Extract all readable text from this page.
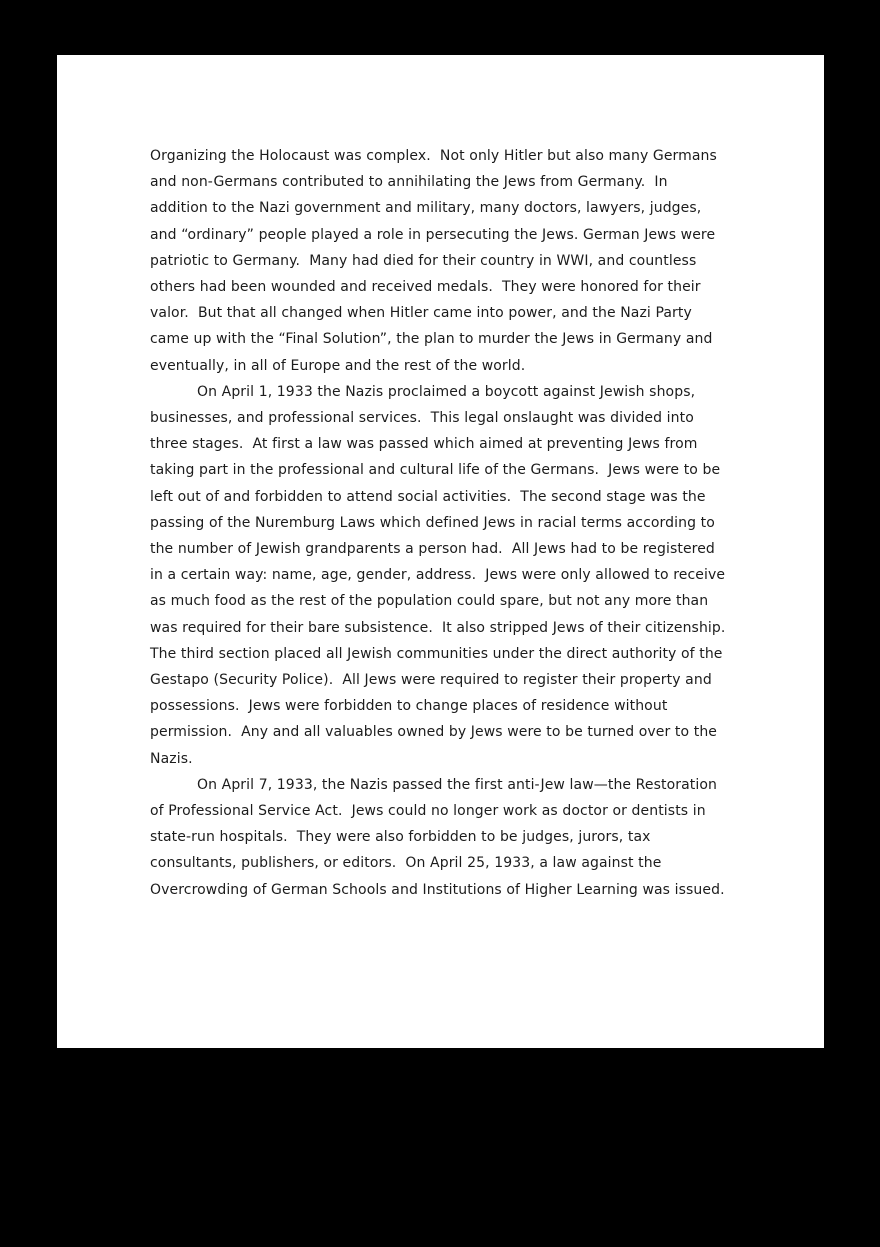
Organizing the Holocaust was complex.  Not only Hitler but also many Germans and non-Germans contributed to annihilating the Jews from Germany.  In addition to the Nazi government and military, many doctors, lawyers, judges, and “ordinary” people played a role in persecuting the Jews. German Jews were patriotic to Germany.  Many had died for their country in WWI, and countless others had been wounded and received medals.  They were honored for their valor.  But that all changed when Hitler came into power, and the Nazi Party came up with the “Final Solution”, the plan to murder the Jews in Germany and eventually, in all of Europe and the rest of the world.

On April 1, 1933 the Nazis proclaimed a boycott against Jewish shops, businesses, and professional services.  This legal onslaught was divided into three stages.  At first a law was passed which aimed at preventing Jews from taking part in the professional and cultural life of the Germans.  Jews were to be left out of and forbidden to attend social activities.  The second stage was the passing of the Nuremburg Laws which defined Jews in racial terms according to the number of Jewish grandparents a person had.  All Jews had to be registered in a certain way: name, age, gender, address.  Jews were only allowed to receive as much food as the rest of the population could spare, but not any more than was required for their bare subsistence.  It also stripped Jews of their citizenship.  The third section placed all Jewish communities under the direct authority of the Gestapo (Security Police).  All Jews were required to register their property and possessions.  Jews were forbidden to change places of residence without permission.  Any and all valuables owned by Jews were to be turned over to the Nazis.

On April 7, 1933, the Nazis passed the first anti-Jew law—the Restoration of Professional Service Act.  Jews could no longer work as doctor or dentists in state-run hospitals.  They were also forbidden to be judges, jurors, tax consultants, publishers, or editors.  On April 25, 1933, a law against the Overcrowding of German Schools and Institutions of Higher Learning was issued.
